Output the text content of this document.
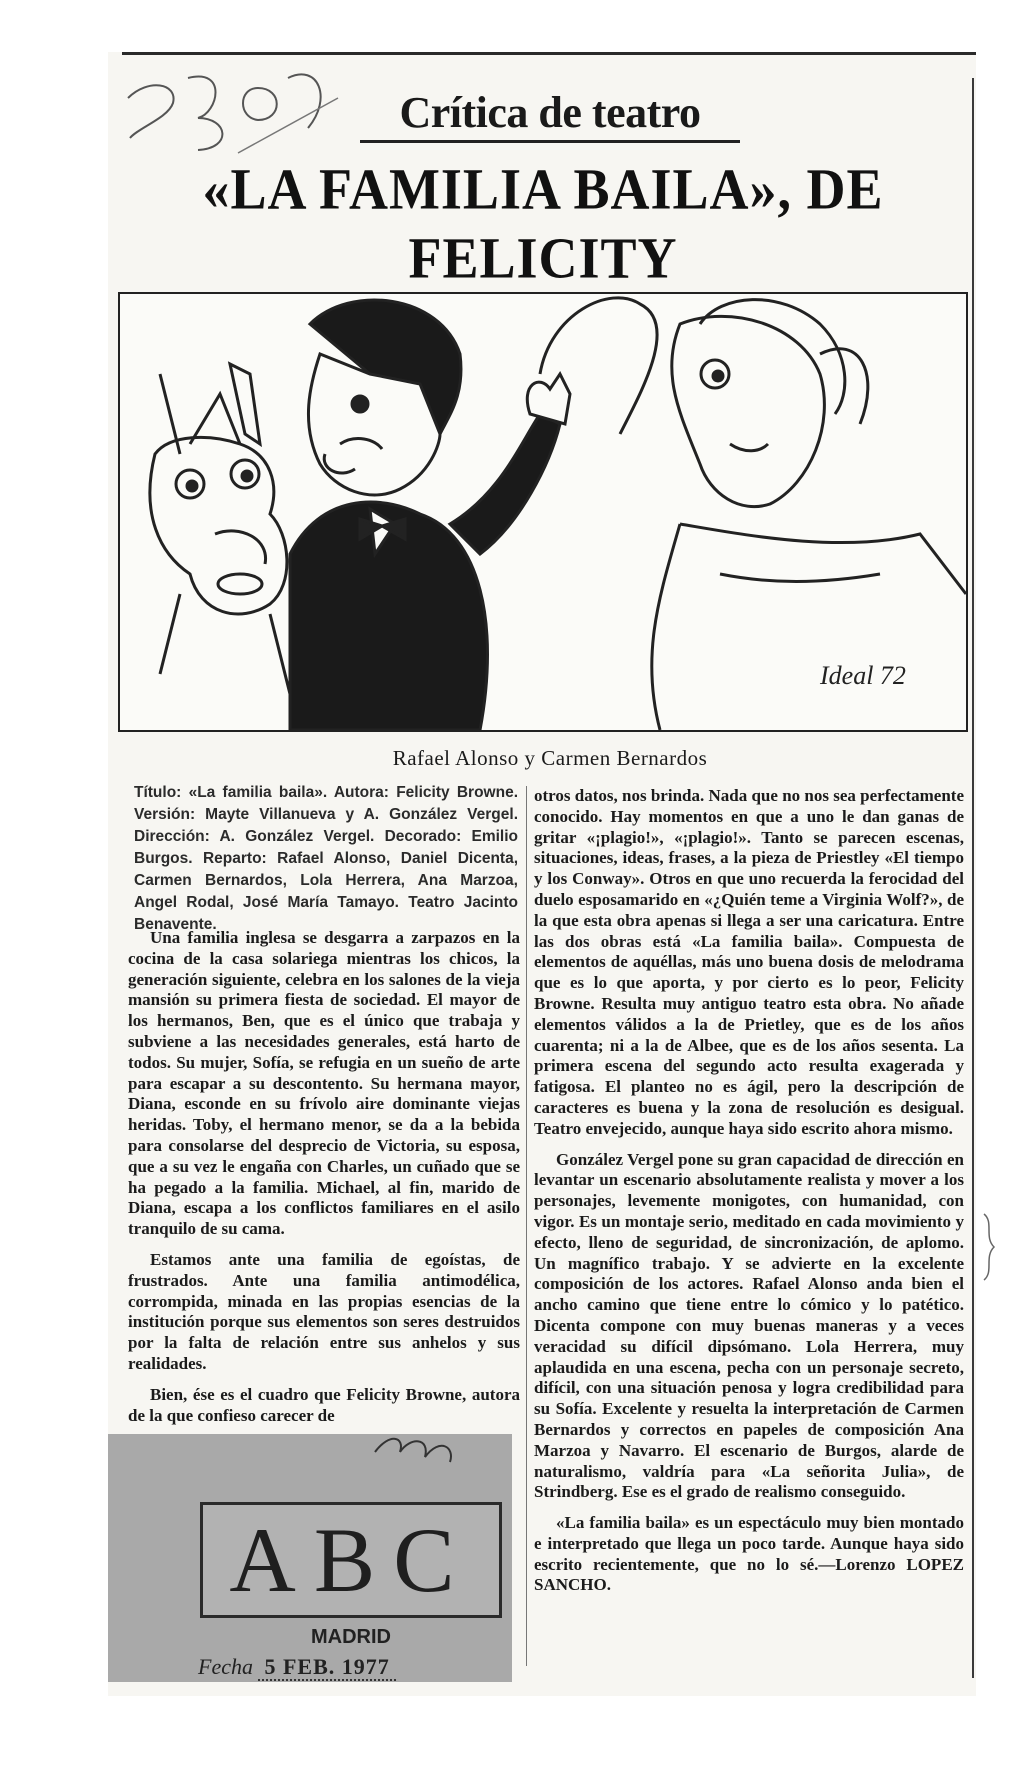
380
Crítica de teatro
«LA FAMILIA BAILA», DE FELICITY
Ideal 72
Rafael Alonso y Carmen Bernardos
Título: «La familia baila». Autora: Felicity Browne. Versión: Mayte Villanueva y A. González Vergel. Dirección: A. González Vergel. Decorado: Emilio Burgos. Reparto: Rafael Alonso, Daniel Dicenta, Carmen Bernardos, Lola Herrera, Ana Marzoa, Angel Rodal, José María Tamayo. Teatro Jacinto Benavente.

Una familia inglesa se desgarra a zarpazos en la cocina de la casa solariega mientras los chicos, la generación siguiente, celebra en los salones de la vieja mansión su primera fiesta de sociedad. El mayor de los hermanos, Ben, que es el único que trabaja y subviene a las necesidades generales, está harto de todos. Su mujer, Sofía, se refugia en un sueño de arte para escapar a su descontento. Su hermana mayor, Diana, esconde en su frívolo aire dominante viejas heridas. Toby, el hermano menor, se da a la bebida para consolarse del desprecio de Victoria, su esposa, que a su vez le engaña con Charles, un cuñado que se ha pegado a la familia. Michael, al fin, marido de Diana, escapa a los conflictos familiares en el asilo tranquilo de su cama.

Estamos ante una familia de egoístas, de frustrados. Ante una familia antimodélica, corrompida, minada en las propias esencias de la institución porque sus elementos son seres destruidos por la falta de relación entre sus anhelos y sus realidades.

Bien, ése es el cuadro que Felicity Browne, autora de la que confieso carecer de

otros datos, nos brinda. Nada que no nos sea perfectamente conocido. Hay momentos en que a uno le dan ganas de gritar «¡plagio!», «¡plagio!». Tanto se parecen escenas, situaciones, ideas, frases, a la pieza de Priestley «El tiempo y los Conway». Otros en que uno recuerda la ferocidad del duelo esposamarido en «¿Quién teme a Virginia Wolf?», de la que esta obra apenas si llega a ser una caricatura. Entre las dos obras está «La familia baila». Compuesta de elementos de aquéllas, más uno buena dosis de melodrama que es lo que aporta, y por cierto es lo peor, Felicity Browne. Resulta muy antiguo teatro esta obra. No añade elementos válidos a la de Prietley, que es de los años cuarenta; ni a la de Albee, que es de los años sesenta. La primera escena del segundo acto resulta exagerada y fatigosa. El planteo no es ágil, pero la descripción de caracteres es buena y la zona de resolución es desigual. Teatro envejecido, aunque haya sido escrito ahora mismo.

González Vergel pone su gran capacidad de dirección en levantar un escenario absolutamente realista y mover a los personajes, levemente monigotes, con humanidad, con vigor. Es un montaje serio, meditado en cada movimiento y efecto, lleno de seguridad, de sincronización, de aplomo. Un magnífico trabajo. Y se advierte en la excelente composición de los actores. Rafael Alonso anda bien el ancho camino que tiene entre lo cómico y lo patético. Dicenta compone con muy buenas maneras y a veces veracidad su difícil dipsómano. Lola Herrera, muy aplaudida en una escena, pecha con un personaje secreto, difícil, con una situación penosa y logra credibilidad para su Sofía. Excelente y resuelta la interpretación de Carmen Bernardos y correctos en papeles de composición Ana Marzoa y Navarro. El escenario de Burgos, alarde de naturalismo, valdría para «La señorita Julia», de Strindberg. Ese es el grado de realismo conseguido.

«La familia baila» es un espectáculo muy bien montado e interpretado que llega un poco tarde. Aunque haya sido escrito recientemente, que no lo sé.—Lorenzo LOPEZ SANCHO.

380
ABC
MADRID
Fecha 5 FEB. 1977
